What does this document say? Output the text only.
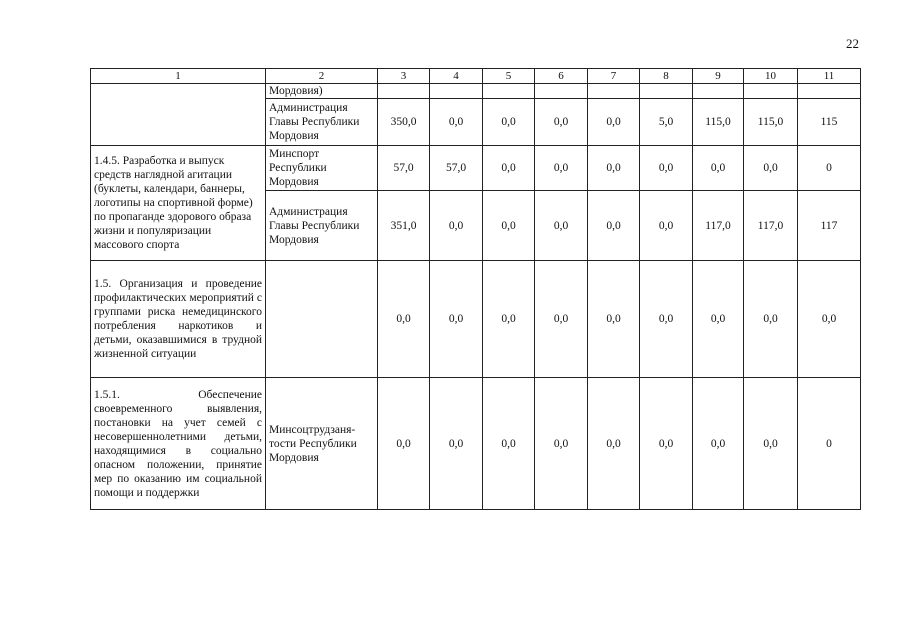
22
1	2	3	4	5	6	7	8	9	10	11
	Мордовия)									
	Администрация Главы Республики Мордовия	350,0	0,0	0,0	0,0	0,0	5,0	115,0	115,0	115
1.4.5. Разработка и выпуск средств наглядной агитации (буклеты, календари, баннеры, логотипы на спортивной форме) по пропаганде здорового образа жизни и популяризации массового спорта	Минспорт Республики Мордовия	57,0	57,0	0,0	0,0	0,0	0,0	0,0	0,0	0
	Администрация Главы Республики Мордовия	351,0	0,0	0,0	0,0	0,0	0,0	117,0	117,0	117
1.5. Организация и проведение профилактических мероприятий с группами риска немедицинского потребления наркотиков и детьми, оказавшимися в трудной жизненной ситуации		0,0	0,0	0,0	0,0	0,0	0,0	0,0	0,0	0,0
1.5.1. Обеспечение своевременного выявления, постановки на учет семей с несовершеннолетними детьми, находящимися в социально опасном положении, принятие мер по оказанию им социальной помощи и поддержки	Минсоцтрудзаня-тости Республики Мордовия	0,0	0,0	0,0	0,0	0,0	0,0	0,0	0,0	0
